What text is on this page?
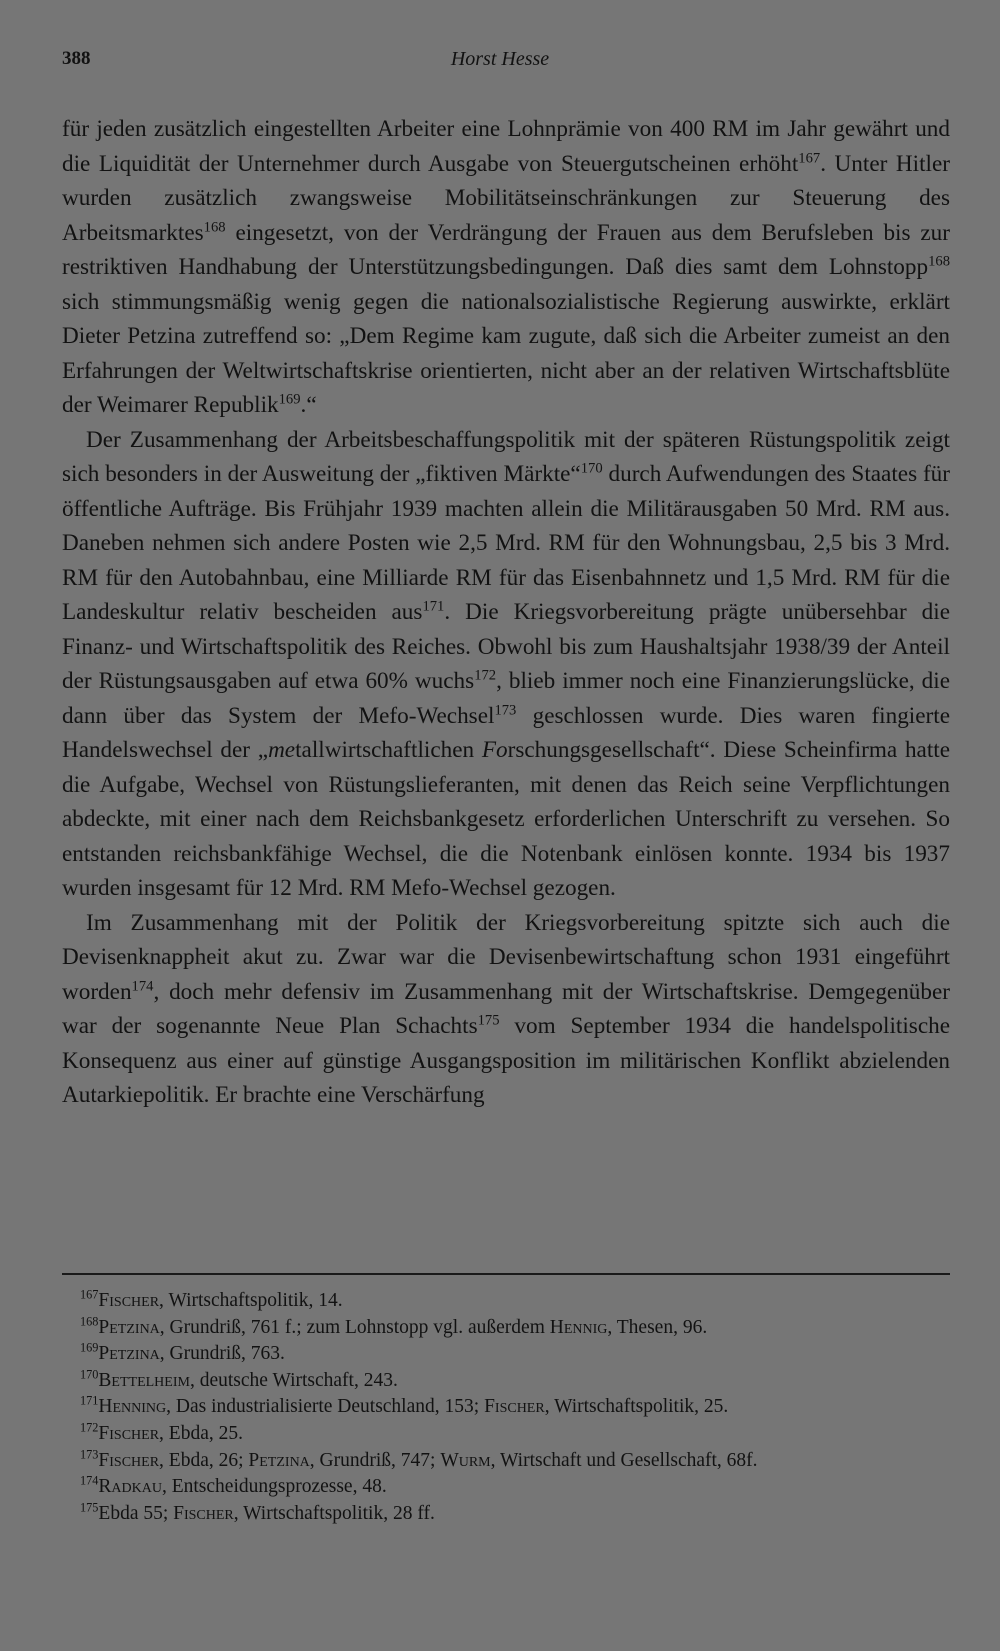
388	Horst Hesse

für jeden zusätzlich eingestellten Arbeiter eine Lohnprämie von 400 RM im Jahr gewährt und die Liquidität der Unternehmer durch Ausgabe von Steuergutscheinen erhöht$^{167}$. Unter Hitler wurden zusätzlich zwangsweise Mobilitätseinschränkungen zur Steuerung des Arbeitsmarktes$^{168}$ eingesetzt, von der Verdrängung der Frauen aus dem Berufsleben bis zur restriktiven Handhabung der Unterstützungsbedingungen. Daß dies samt dem Lohnstopp$^{168}$ sich stimmungsmäßig wenig gegen die nationalsozialistische Regierung auswirkte, erklärt Dieter Petzina zutreffend so: „Dem Regime kam zugute, daß sich die Arbeiter zumeist an den Erfahrungen der Weltwirtschaftskrise orientierten, nicht aber an der relativen Wirtschaftsblüte der Weimarer Republik$^{169}$.“

Der Zusammenhang der Arbeitsbeschaffungspolitik mit der späteren Rüstungspolitik zeigt sich besonders in der Ausweitung der „fiktiven Märkte“$^{170}$ durch Aufwendungen des Staates für öffentliche Aufträge. Bis Frühjahr 1939 machten allein die Militärausgaben 50 Mrd. RM aus. Daneben nehmen sich andere Posten wie 2,5 Mrd. RM für den Wohnungsbau, 2,5 bis 3 Mrd. RM für den Autobahnbau, eine Milliarde RM für das Eisenbahnnetz und 1,5 Mrd. RM für die Landeskultur relativ bescheiden aus$^{171}$. Die Kriegsvorbereitung prägte unübersehbar die Finanz- und Wirtschaftspolitik des Reiches. Obwohl bis zum Haushaltsjahr 1938/39 der Anteil der Rüstungsausgaben auf etwa 60% wuchs$^{172}$, blieb immer noch eine Finanzierungslücke, die dann über das System der Mefo-Wechsel$^{173}$ geschlossen wurde. Dies waren fingierte Handelswechsel der „metallwirtschaftlichen Forschungsgesellschaft“. Diese Scheinfirma hatte die Aufgabe, Wechsel von Rüstungslieferanten, mit denen das Reich seine Verpflichtungen abdeckte, mit einer nach dem Reichsbankgesetz erforderlichen Unterschrift zu versehen. So entstanden reichsbankfähige Wechsel, die die Notenbank einlösen konnte. 1934 bis 1937 wurden insgesamt für 12 Mrd. RM Mefo-Wechsel gezogen.

Im Zusammenhang mit der Politik der Kriegsvorbereitung spitzte sich auch die Devisenknappheit akut zu. Zwar war die Devisenbewirtschaftung schon 1931 eingeführt worden$^{174}$, doch mehr defensiv im Zusammenhang mit der Wirtschaftskrise. Demgegenüber war der sogenannte Neue Plan Schachts$^{175}$ vom September 1934 die handelspolitische Konsequenz aus einer auf günstige Ausgangsposition im militärischen Konflikt abzielenden Autarkiepolitik. Er brachte eine Verschärfung

$^{167}$Fischer, Wirtschaftspolitik, 14.
$^{168}$Petzina, Grundriß, 761 f.; zum Lohnstopp vgl. außerdem Hennig, Thesen, 96.
$^{169}$Petzina, Grundriß, 763.
$^{170}$Bettelheim, deutsche Wirtschaft, 243.
$^{171}$Henning, Das industrialisierte Deutschland, 153; Fischer, Wirtschaftspolitik, 25.
$^{172}$Fischer, Ebda, 25.
$^{173}$Fischer, Ebda, 26; Petzina, Grundriß, 747; Wurm, Wirtschaft und Gesellschaft, 68f.
$^{174}$Radkau, Entscheidungsprozesse, 48.
$^{175}$Ebda 55; Fischer, Wirtschaftspolitik, 28 ff.
